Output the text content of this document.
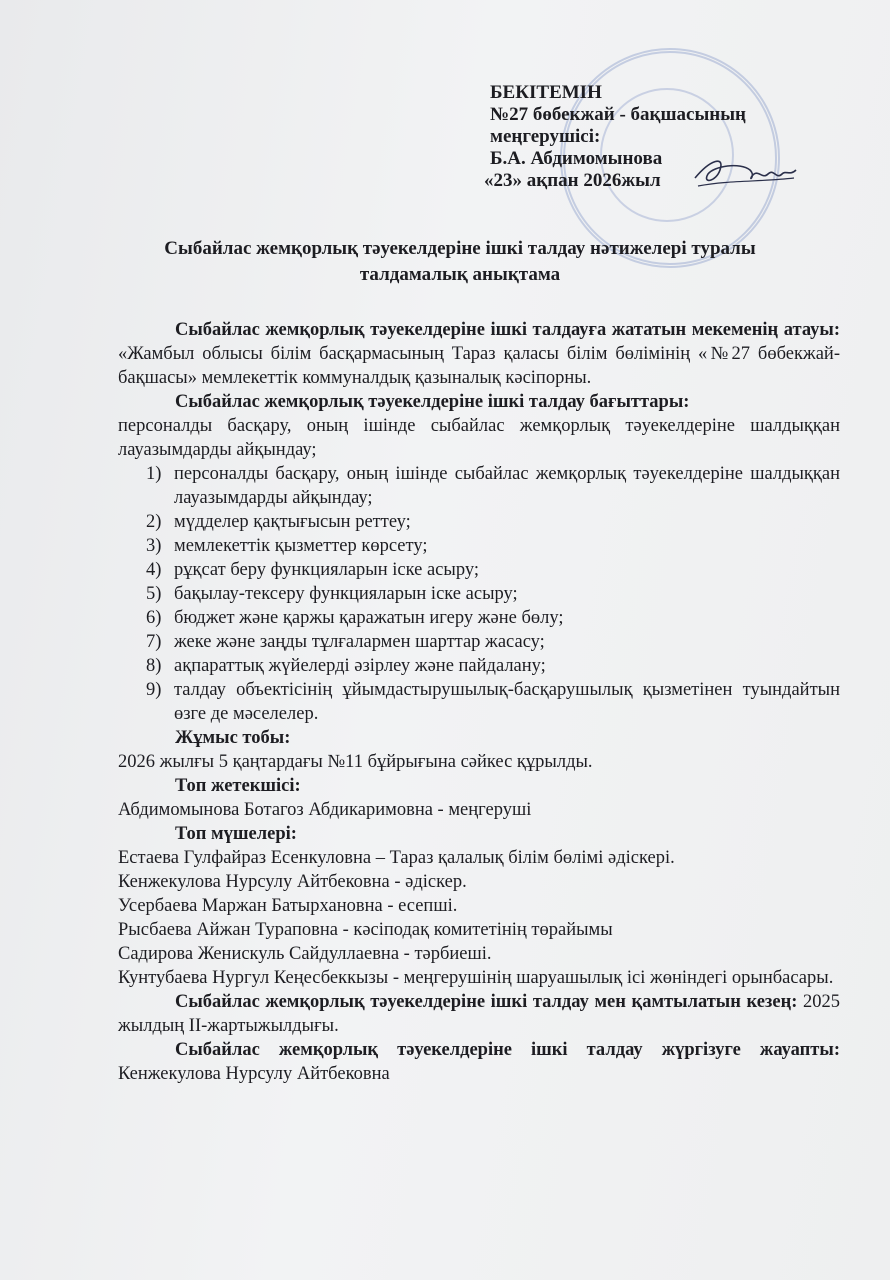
БЕКІТЕМІН
№27 бөбекжай - бақшасының
меңгерушісі:
Б.А. Абдимомынова
«23» ақпан 2026жыл
Сыбайлас жемқорлық тәуекелдеріне ішкі талдау нәтижелері туралы
талдамалық анықтама

Сыбайлас жемқорлық тәуекелдеріне ішкі талдауға жататын мекеменің атауы: «Жамбыл облысы білім басқармасының Тараз қаласы білім бөлімінің «№27 бөбекжай-бақшасы» мемлекеттік коммуналдық қазыналық кәсіпорны.

Сыбайлас жемқорлық тәуекелдеріне ішкі талдау бағыттары:

персоналды басқару, оның ішінде сыбайлас жемқорлық тәуекелдеріне шалдыққан лауазымдарды айқындау;

1) персоналды басқару, оның ішінде сыбайлас жемқорлық тәуекелдеріне шалдыққан лауазымдарды айқындау;
2) мүдделер қақтығысын реттеу;
3) мемлекеттік қызметтер көрсету;
4) рұқсат беру функцияларын іске асыру;
5) бақылау-тексеру функцияларын іске асыру;
6) бюджет және қаржы қаражатын игеру және бөлу;
7) жеке және заңды тұлғалармен шарттар жасасу;
8) ақпараттық жүйелерді әзірлеу және пайдалану;
9) талдау объектісінің ұйымдастырушылық-басқарушылық қызметінен туындайтын өзге де мәселелер.

Жұмыс тобы:

2026 жылғы 5 қаңтардағы №11 бұйрығына сәйкес құрылды.

Топ жетекшісі:

Абдимомынова Ботагоз Абдикаримовна - меңгеруші

Топ мүшелері:

Естаева Гулфайраз Есенкуловна – Тараз қалалық білім бөлімі әдіскері.

Кенжекулова Нурсулу Айтбековна - әдіскер.

Усербаева Маржан Батырхановна - есепші.

Рысбаева Айжан Тураповна - кәсіподақ комитетінің төрайымы

Садирова Женискуль Сайдуллаевна - тәрбиеші.

Кунтубаева Нургул Кеңесбеккызы - меңгерушінің шаруашылық ісі жөніндегі орынбасары.

Сыбайлас жемқорлық тәуекелдеріне ішкі талдау мен қамтылатын кезең: 2025 жылдың ІІ-жартыжылдығы.

Сыбайлас жемқорлық тәуекелдеріне ішкі талдау жүргізуге жауапты: Кенжекулова Нурсулу Айтбековна
